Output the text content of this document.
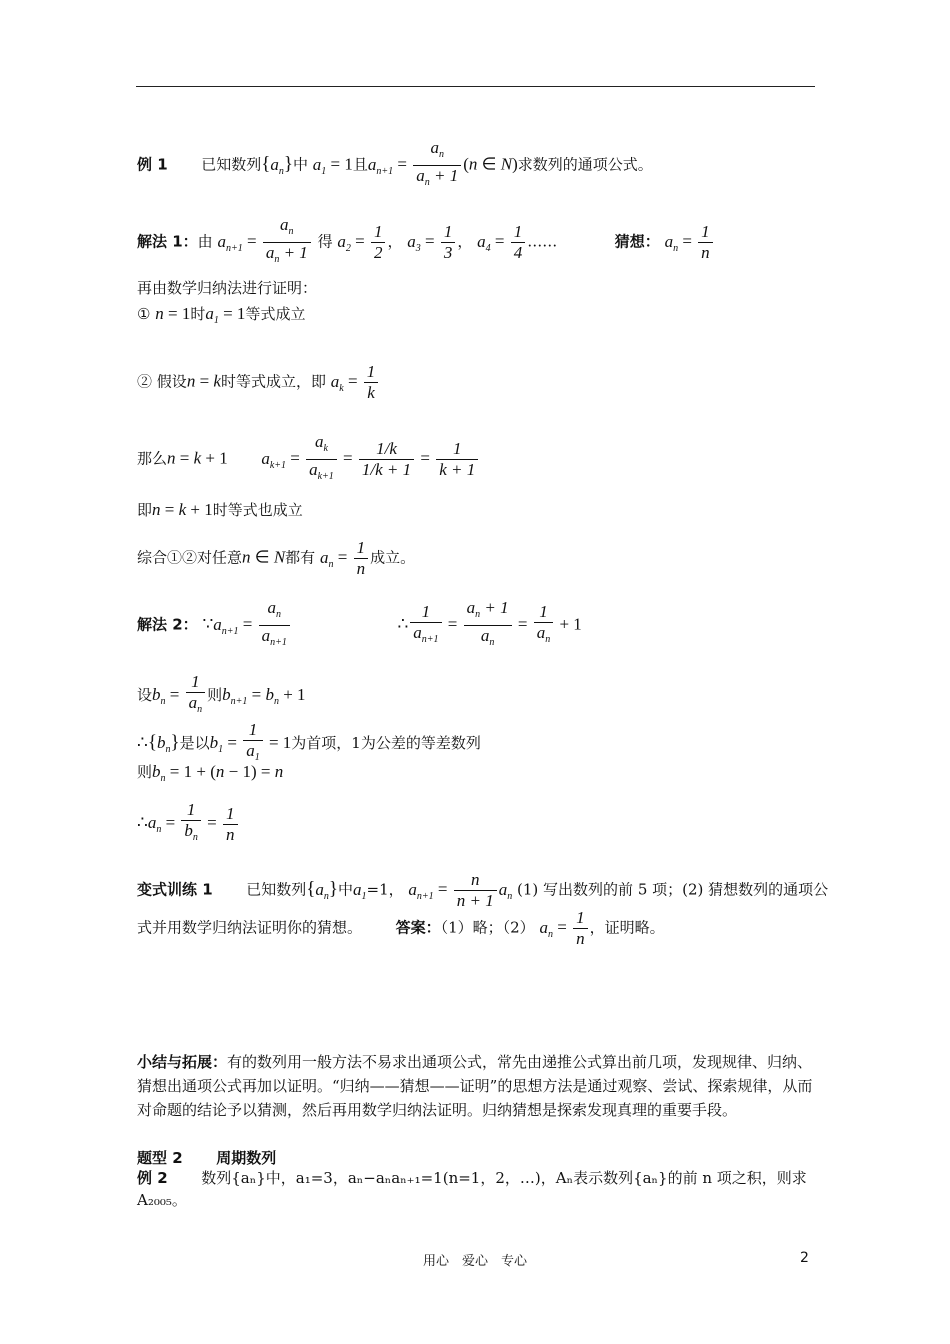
例 1 已知数列$\{a_n\}$中 $a_1 = 1$且$a_{n+1} = \frac{a_n}{a_n + 1} (n$ ∈ N)求数列的通项公式。
解法 1：由 $a_{n+1} = \frac{a_n}{a_n + 1}$ 得 $a_2 = \frac{1}{2}$ ， $a_3 = \frac{1}{3}$ ， $a_4 = \frac{1}{4}$ ……	猜想： $a_n = \frac{1}{n}$
再由数学归纳法进行证明：
① n = 1时$a_1 = 1$等式成立
② 假设n = k时等式成立，即 $a_k = \frac{1}{k}$
那么n = k + 1 $a_{k+1} = \frac{a_k}{a_{k+1}} = \frac{1/k}{1/k + 1} = \frac{1}{k + 1}$
即n = k + 1时等式也成立
综合①②对任意n ∈ N都有 $a_n = \frac{1}{n}$ 成立。
解法 2： $\because a_{n+1} = \frac{a_n}{a_{n+1}}$	∴ $\frac{1}{a_{n+1}} = \frac{a_n + 1}{a_n} = \frac{1}{a_n} + 1$
设$b_n = \frac{1}{a_n}$ 则$b_{n+1} = b_n + 1$
$\therefore\{b_n\}$是以$b_1 = \frac{1}{a_1} = 1$为首项，1为公差的等差数列
则$b_n = 1 + (n - 1) = n$
$\therefore a_n = \frac{1}{b_n} = \frac{1}{n}$
变式训练 1 已知数列$\{a_n\}$中$a_1=1$， $a_{n+1} = \frac{n}{n + 1} a_n$ (1) 写出数列的前 5 项；(2) 猜想数列的通项公
式并用数学归纳法证明你的猜想。 答案：（1）略；（2） $a_n = \frac{1}{n}$ ，证明略。
小结与拓展：有的数列用一般方法不易求出通项公式，常先由递推公式算出前几项，发现规律、归纳、猜想出通项公式再加以证明。“归纳——猜想——证明”的思想方法是通过观察、尝试、探索规律，从而对命题的结论予以猜测，然后再用数学归纳法证明。归纳猜想是探索发现真理的重要手段。
题型 2 周期数列
例 2 数列{aₙ}中，a₁=3，aₙ−aₙaₙ₊₁=1(n=1，2，…)，Aₙ表示数列{aₙ}的前 n 项之积，则求
A₂₀₀₅。
用心　爱心　专心	2
